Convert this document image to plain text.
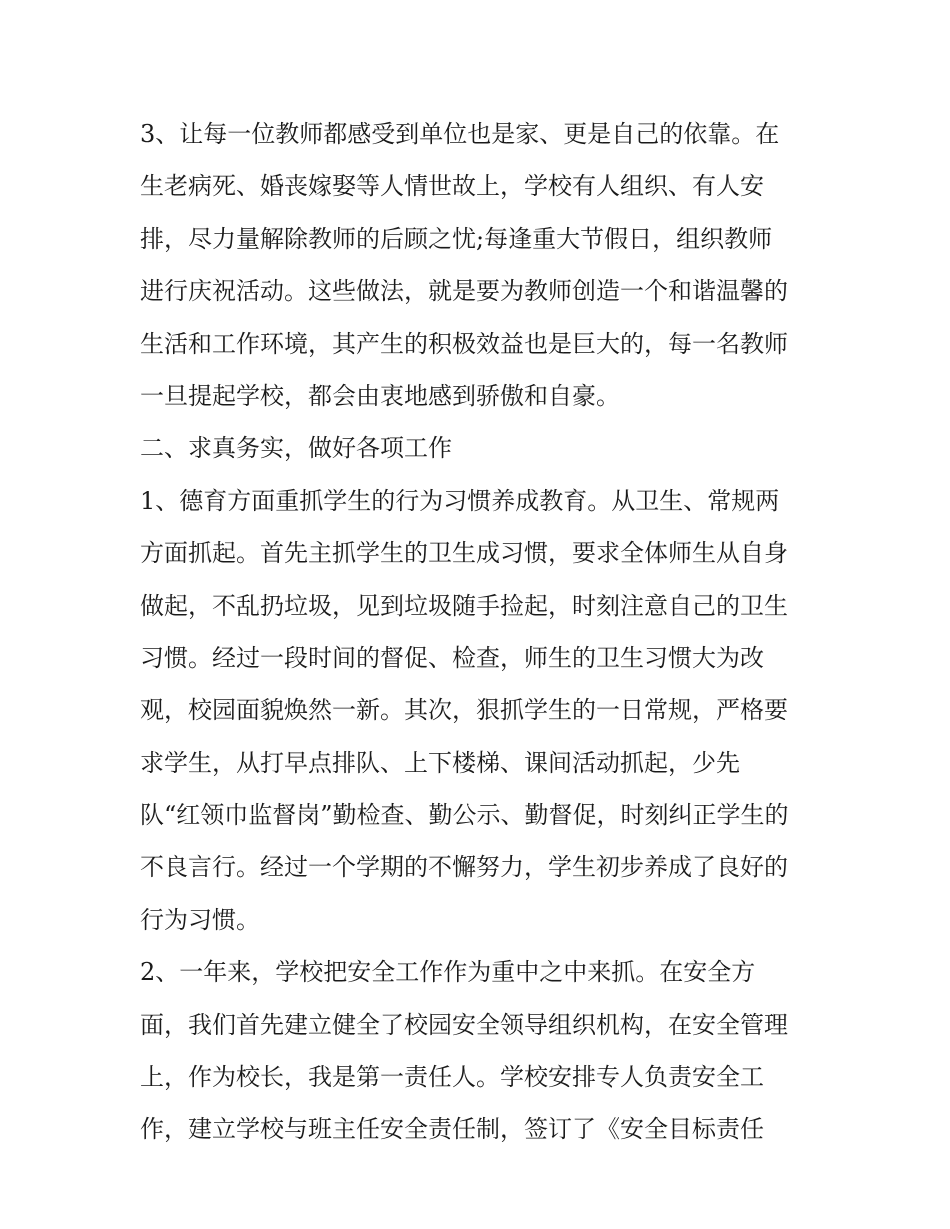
3、让每一位教师都感受到单位也是家、更是自己的依靠。在
生老病死、婚丧嫁娶等人情世故上，学校有人组织、有人安
排，尽力量解除教师的后顾之忧;每逢重大节假日，组织教师
进行庆祝活动。这些做法，就是要为教师创造一个和谐温馨的
生活和工作环境，其产生的积极效益也是巨大的，每一名教师
一旦提起学校，都会由衷地感到骄傲和自豪。
二、求真务实，做好各项工作
1、德育方面重抓学生的行为习惯养成教育。从卫生、常规两
方面抓起。首先主抓学生的卫生成习惯，要求全体师生从自身
做起，不乱扔垃圾，见到垃圾随手捡起，时刻注意自己的卫生
习惯。经过一段时间的督促、检查，师生的卫生习惯大为改
观，校园面貌焕然一新。其次，狠抓学生的一日常规，严格要
求学生，从打早点排队、上下楼梯、课间活动抓起，少先
队“红领巾监督岗”勤检查、勤公示、勤督促，时刻纠正学生的
不良言行。经过一个学期的不懈努力，学生初步养成了良好的
行为习惯。
2、一年来，学校把安全工作作为重中之中来抓。在安全方
面，我们首先建立健全了校园安全领导组织机构，在安全管理
上，作为校长，我是第一责任人。学校安排专人负责安全工
作，建立学校与班主任安全责任制，签订了《安全目标责任
